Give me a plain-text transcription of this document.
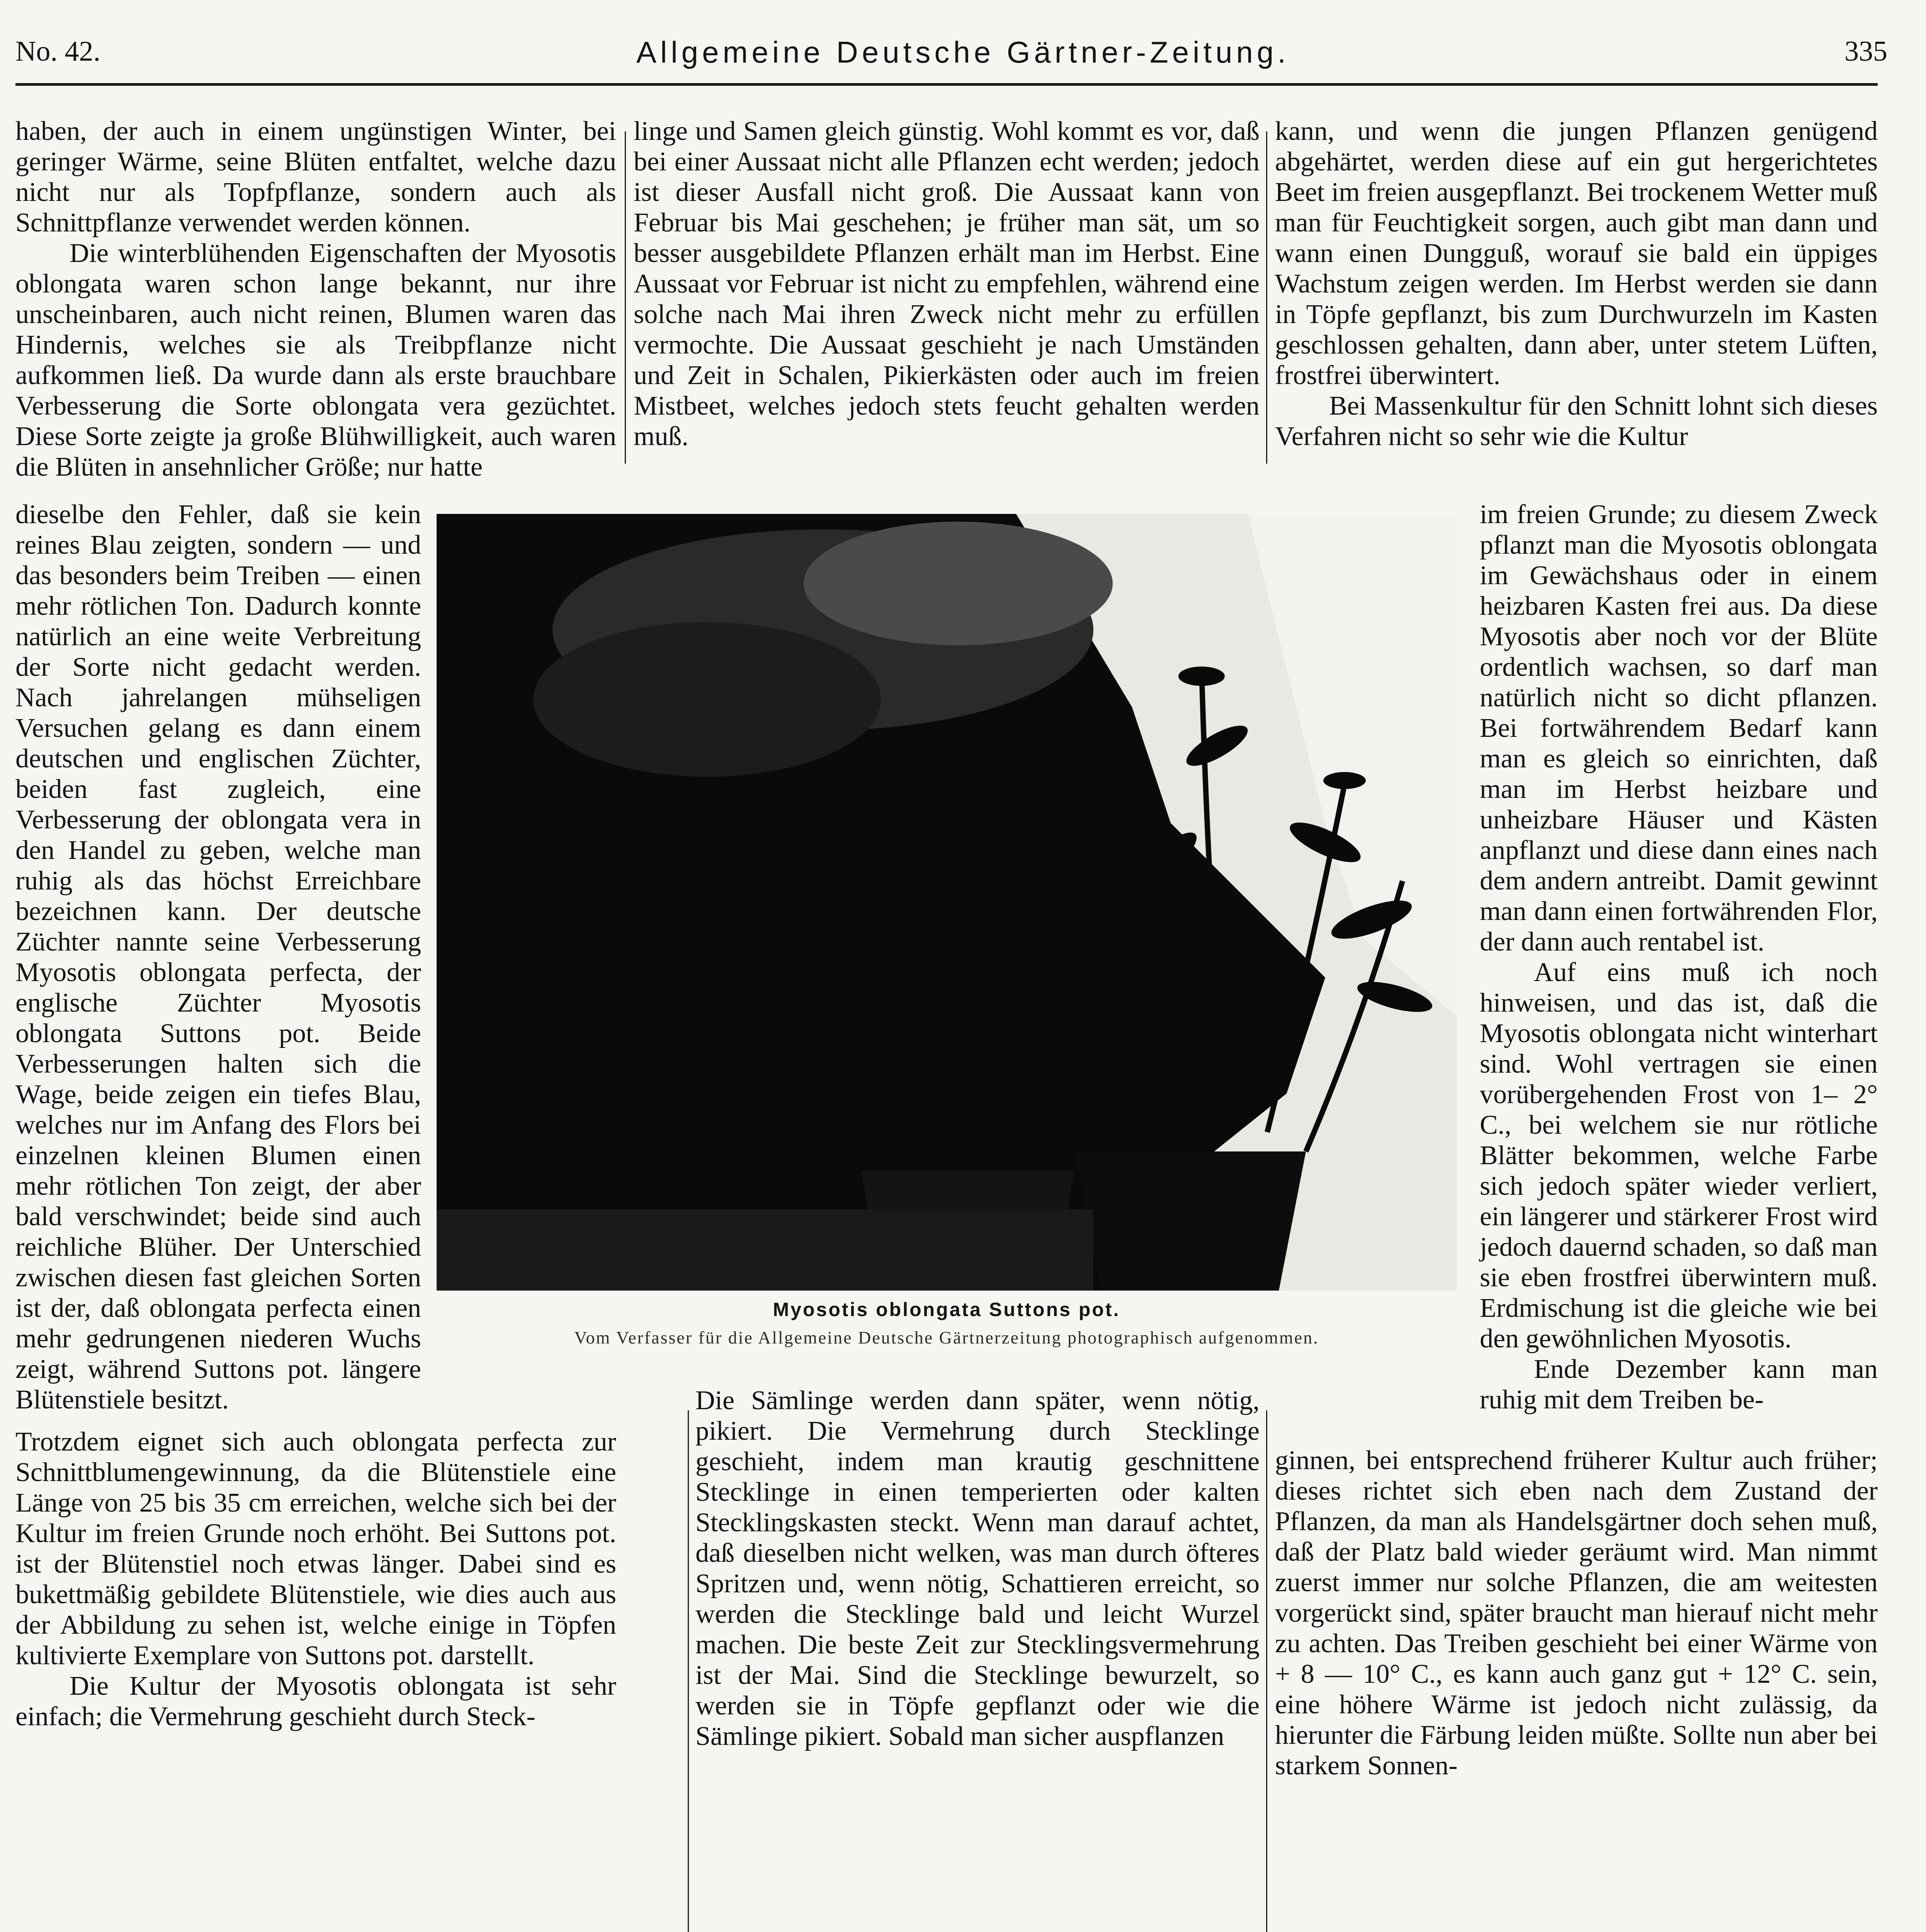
No. 42.	Allgemeine Deutsche Gärtner-Zeitung.	335

haben, der auch in einem ungünstigen Winter, bei geringer Wärme, seine Blüten entfaltet, welche dazu nicht nur als Topfpflanze, sondern auch als Schnittpflanze verwendet werden können.

Die winterblühenden Eigenschaften der Myosotis oblongata waren schon lange bekannt, nur ihre unscheinbaren, auch nicht reinen, Blumen waren das Hindernis, welches sie als Treibpflanze nicht aufkommen ließ. Da wurde dann als erste brauchbare Verbesserung die Sorte oblongata vera gezüchtet. Diese Sorte zeigte ja große Blühwilligkeit, auch waren die Blüten in ansehnlicher Größe; nur hatte

dieselbe den Fehler, daß sie kein reines Blau zeigten, sondern — und das besonders beim Treiben — einen mehr rötlichen Ton. Dadurch konnte natürlich an eine weite Verbreitung der Sorte nicht gedacht werden. Nach jahrelangen mühseligen Versuchen gelang es dann einem deutschen und englischen Züchter, beiden fast zugleich, eine Verbesserung der oblongata vera in den Handel zu geben, welche man ruhig als das höchst Erreichbare bezeichnen kann. Der deutsche Züchter nannte seine Verbesserung Myosotis oblongata perfecta, der englische Züchter Myosotis oblongata Suttons pot. Beide Verbesserungen halten sich die Wage, beide zeigen ein tiefes Blau, welches nur im Anfang des Flors bei einzelnen kleinen Blumen einen mehr rötlichen Ton zeigt, der aber bald verschwindet; beide sind auch reichliche Blüher. Der Unterschied zwischen diesen fast gleichen Sorten ist der, daß oblongata perfecta einen mehr gedrungenen niederen Wuchs zeigt, während Suttons pot. längere Blütenstiele besitzt.

Trotzdem eignet sich auch oblongata perfecta zur Schnittblumengewinnung, da die Blütenstiele eine Länge von 25 bis 35 cm erreichen, welche sich bei der Kultur im freien Grunde noch erhöht. Bei Suttons pot. ist der Blütenstiel noch etwas länger. Dabei sind es bukettmäßig gebildete Blütenstiele, wie dies auch aus der Abbildung zu sehen ist, welche einige in Töpfen kultivierte Exemplare von Suttons pot. darstellt.

Die Kultur der Myosotis oblongata ist sehr einfach; die Vermehrung geschieht durch Steck-

linge und Samen gleich günstig. Wohl kommt es vor, daß bei einer Aussaat nicht alle Pflanzen echt werden; jedoch ist dieser Ausfall nicht groß. Die Aussaat kann von Februar bis Mai geschehen; je früher man sät, um so besser ausgebildete Pflanzen erhält man im Herbst. Eine Aussaat vor Februar ist nicht zu empfehlen, während eine solche nach Mai ihren Zweck nicht mehr zu erfüllen vermochte. Die Aussaat geschieht je nach Umständen und Zeit in Schalen, Pikierkästen oder auch im freien Mistbeet, welches jedoch stets feucht gehalten werden muß.

Die Sämlinge werden dann später, wenn nötig, pikiert. Die Vermehrung durch Stecklinge geschieht, indem man krautig geschnittene Stecklinge in einen temperierten oder kalten Stecklingskasten steckt. Wenn man darauf achtet, daß dieselben nicht welken, was man durch öfteres Spritzen und, wenn nötig, Schattieren erreicht, so werden die Stecklinge bald und leicht Wurzel machen. Die beste Zeit zur Stecklingsvermehrung ist der Mai. Sind die Stecklinge bewurzelt, so werden sie in Töpfe gepflanzt oder wie die Sämlinge pikiert. Sobald man sicher auspflanzen

kann, und wenn die jungen Pflanzen genügend abgehärtet, werden diese auf ein gut hergerichtetes Beet im freien ausgepflanzt. Bei trockenem Wetter muß man für Feuchtigkeit sorgen, auch gibt man dann und wann einen Dungguß, worauf sie bald ein üppiges Wachstum zeigen werden. Im Herbst werden sie dann in Töpfe gepflanzt, bis zum Durchwurzeln im Kasten geschlossen gehalten, dann aber, unter stetem Lüften, frostfrei überwintert.

Bei Massenkultur für den Schnitt lohnt sich dieses Verfahren nicht so sehr wie die Kultur

im freien Grunde; zu diesem Zweck pflanzt man die Myosotis oblongata im Gewächshaus oder in einem heizbaren Kasten frei aus. Da diese Myosotis aber noch vor der Blüte ordentlich wachsen, so darf man natürlich nicht so dicht pflanzen. Bei fortwährendem Bedarf kann man es gleich so einrichten, daß man im Herbst heizbare und unheizbare Häuser und Kästen anpflanzt und diese dann eines nach dem andern antreibt. Damit gewinnt man dann einen fortwährenden Flor, der dann auch rentabel ist.

Auf eins muß ich noch hinweisen, und das ist, daß die Myosotis oblongata nicht winterhart sind. Wohl vertragen sie einen vorübergehenden Frost von 1– 2° C., bei welchem sie nur rötliche Blätter bekommen, welche Farbe sich jedoch später wieder verliert, ein längerer und stärkerer Frost wird jedoch dauernd schaden, so daß man sie eben frostfrei überwintern muß. Erdmischung ist die gleiche wie bei den gewöhnlichen Myosotis.

Ende Dezember kann man ruhig mit dem Treiben be-

ginnen, bei entsprechend früherer Kultur auch früher; dieses richtet sich eben nach dem Zustand der Pflanzen, da man als Handelsgärtner doch sehen muß, daß der Platz bald wieder geräumt wird. Man nimmt zuerst immer nur solche Pflanzen, die am weitesten vorgerückt sind, später braucht man hierauf nicht mehr zu achten. Das Treiben geschieht bei einer Wärme von + 8 — 10° C., es kann auch ganz gut + 12° C. sein, eine höhere Wärme ist jedoch nicht zulässig, da hierunter die Färbung leiden müßte. Sollte nun aber bei starkem Sonnen-

Myosotis oblongata Suttons pot.
Vom Verfasser für die Allgemeine Deutsche Gärtnerzeitung photographisch aufgenommen.
